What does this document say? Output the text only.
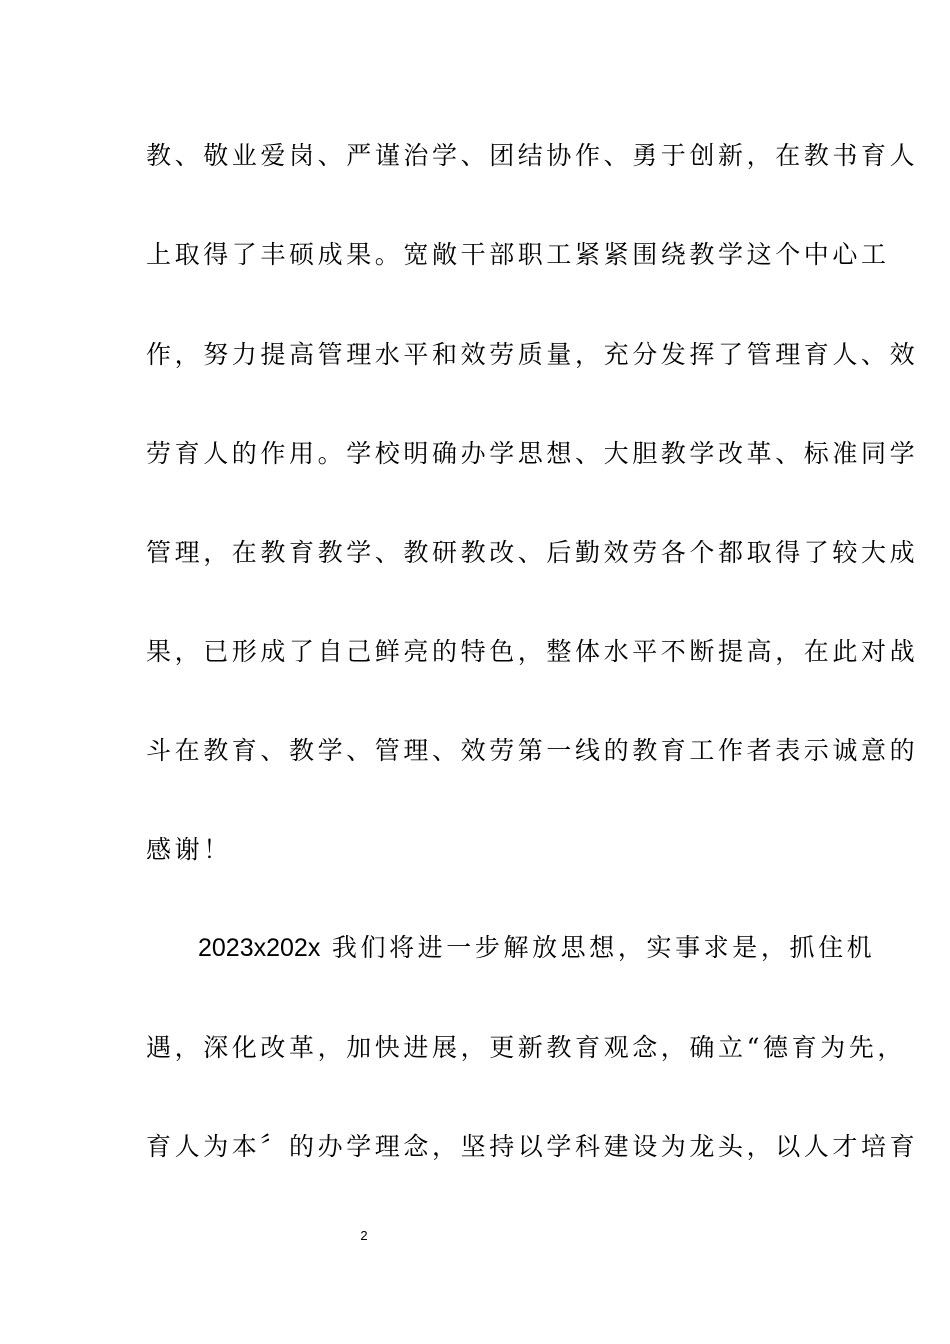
教、敬业爱岗、严谨治学、团结协作、勇于创新，在教书育人
上取得了丰硕成果。宽敞干部职工紧紧围绕教学这个中心工
作，努力提高管理水平和效劳质量，充分发挥了管理育人、效
劳育人的作用。学校明确办学思想、大胆教学改革、标准同学
管理，在教育教学、教研教改、后勤效劳各个都取得了较大成
果，已形成了自己鲜亮的特色，整体水平不断提高，在此对战
斗在教育、教学、管理、效劳第一线的教育工作者表示诚意的
感谢！
2023x202x 我们将进一步解放思想，实事求是，抓住机
遇，深化改革，加快进展，更新教育观念，确立“德育为先，
育人为本〞的办学理念，坚持以学科建设为龙头，以人才培育
2
